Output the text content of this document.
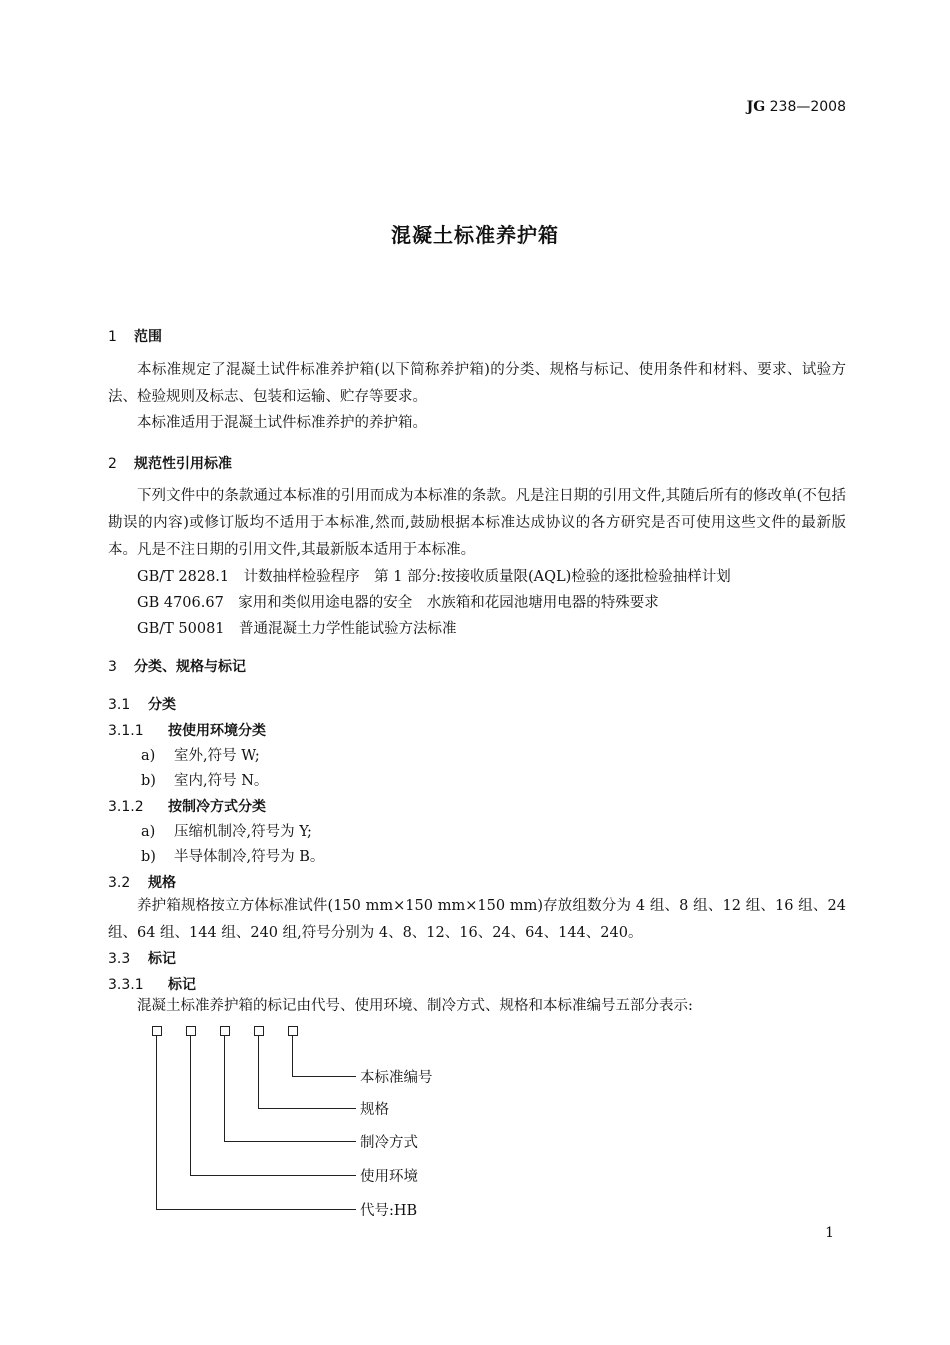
JG 238—2008
混凝土标准养护箱
1 范围
本标准规定了混凝土试件标准养护箱(以下简称养护箱)的分类、规格与标记、使用条件和材料、要求、试验方法、检验规则及标志、包装和运输、贮存等要求。
本标准适用于混凝土试件标准养护的养护箱。
2 规范性引用标准
下列文件中的条款通过本标准的引用而成为本标准的条款。凡是注日期的引用文件,其随后所有的修改单(不包括勘误的内容)或修订版均不适用于本标准,然而,鼓励根据本标准达成协议的各方研究是否可使用这些文件的最新版本。凡是不注日期的引用文件,其最新版本适用于本标准。
GB/T 2828.1　计数抽样检验程序　第 1 部分:按接收质量限(AQL)检验的逐批检验抽样计划
GB 4706.67　家用和类似用途电器的安全　水族箱和花园池塘用电器的特殊要求
GB/T 50081　普通混凝土力学性能试验方法标准
3 分类、规格与标记
3.1 分类
3.1.1 按使用环境分类
a) 室外,符号 W;
b) 室内,符号 N。
3.1.2 按制冷方式分类
a) 压缩机制冷,符号为 Y;
b) 半导体制冷,符号为 B。
3.2 规格
养护箱规格按立方体标准试件(150 mm×150 mm×150 mm)存放组数分为 4 组、8 组、12 组、16 组、24 组、64 组、144 组、240 组,符号分别为 4、8、12、16、24、64、144、240。
3.3 标记
3.3.1 标记
混凝土标准养护箱的标记由代号、使用环境、制冷方式、规格和本标准编号五部分表示:
本标准编号
规格
制冷方式
使用环境
代号:HB
1
